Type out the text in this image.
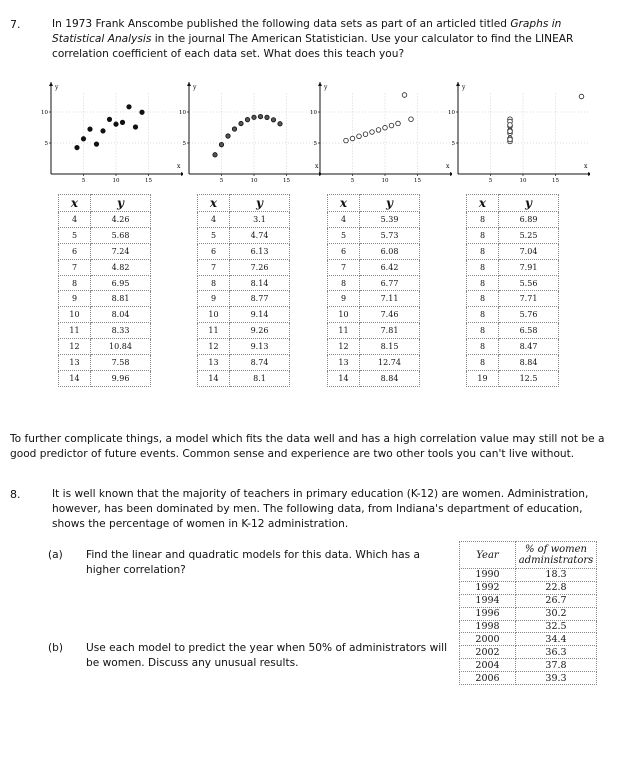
7.	In 1973 Frank Anscombe published the following data sets as part of an articled titled Graphs in Statistical Analysis in the journal The American Statistician. Use your calculator to find the LINEAR correlation coefficient of each data set. What does this teach you?
x
y
5	10	15
5
10
x
y
5	10	15
5
10
x
y
5	10	15
5
10
x
y
5	10	15
5
10
x	y
4	4.26
5	5.68
6	7.24
7	4.82
8	6.95
9	8.81
10	8.04
11	8.33
12	10.84
13	7.58
14	9.96
x	y
4	3.1
5	4.74
6	6.13
7	7.26
8	8.14
9	8.77
10	9.14
11	9.26
12	9.13
13	8.74
14	8.1
x	y
4	5.39
5	5.73
6	6.08
7	6.42
8	6.77
9	7.11
10	7.46
11	7.81
12	8.15
13	12.74
14	8.84
x	y
8	6.89
8	5.25
8	7.04
8	7.91
8	5.56
8	7.71
8	5.76
8	6.58
8	8.47
8	8.84
19	12.5
To further complicate things, a model which fits the data well and has a high correlation value may still not be a good predictor of future events. Common sense and experience are two other tools you can't live without.
8.	It is well known that the majority of teachers in primary education (K-12) are women. Administration, however, has been dominated by men. The following data, from Indiana's department of education, shows the percentage of women in K-12 administration.
(a) Find the linear and quadratic models for this data. Which has a higher correlation?
(b) Use each model to predict the year when 50% of administrators will be women. Discuss any unusual results.
Year	% of women administrators
1990	18.3
1992	22.8
1994	26.7
1996	30.2
1998	32.5
2000	34.4
2002	36.3
2004	37.8
2006	39.3
